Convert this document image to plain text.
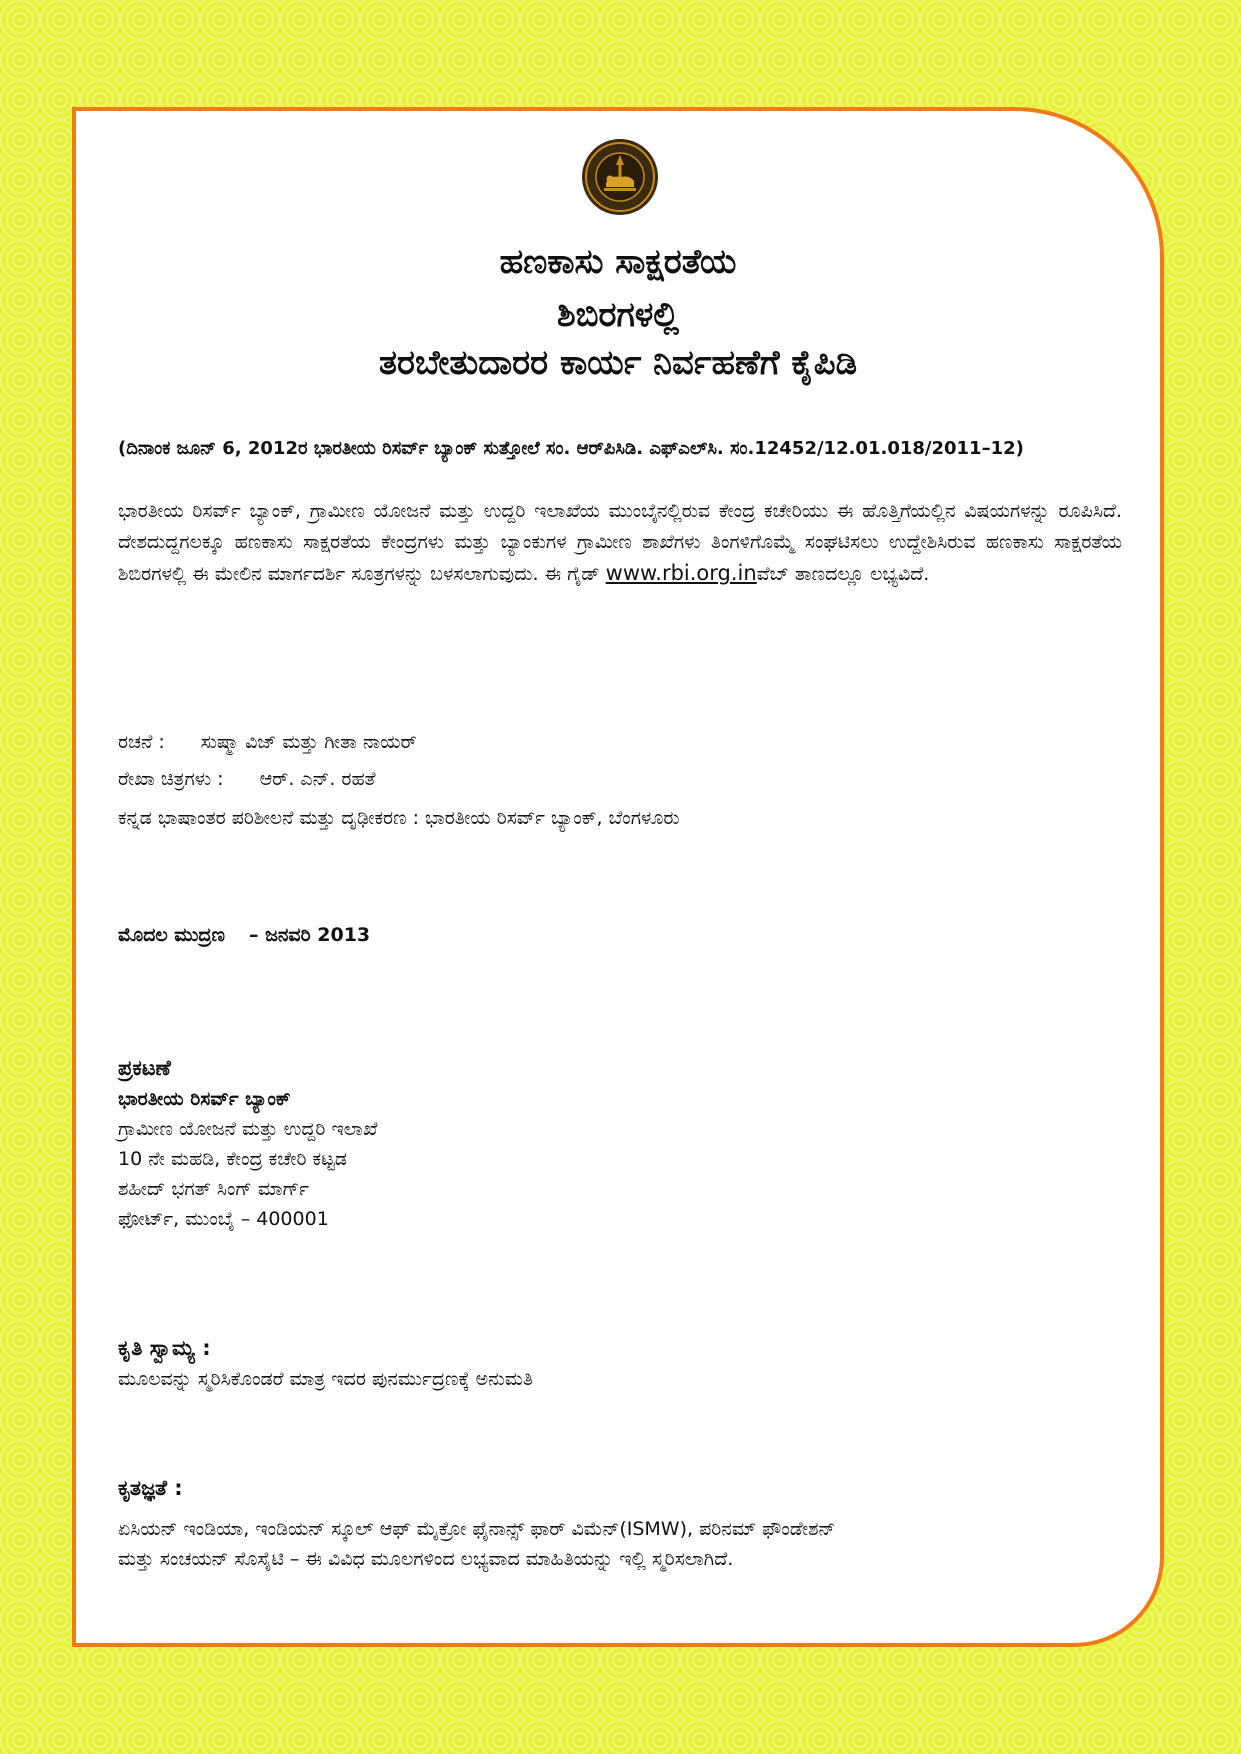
ಹಣಕಾಸು ಸಾಕ್ಷರತೆಯ
ಶಿಬಿರಗಳಲ್ಲಿ
ತರಬೇತುದಾರರ ಕಾರ್ಯ ನಿರ್ವಹಣೆಗೆ ಕೈಪಿಡಿ
(ದಿನಾಂಕ ಜೂನ್ 6, 2012ರ ಭಾರತೀಯ ರಿಸರ್ವ್ ಬ್ಯಾಂಕ್ ಸುತ್ತೋಲೆ ಸಂ. ಆರ್‌ಪಿಸಿಡಿ. ಎಫ್‌ಎಲ್‌ಸಿ. ಸಂ.12452/12.01.018/2011–12)

ಭಾರತೀಯ ರಿಸರ್ವ್ ಬ್ಯಾಂಕ್, ಗ್ರಾಮೀಣ ಯೋಜನೆ ಮತ್ತು ಉದ್ದರಿ ಇಲಾಖೆಯ ಮುಂಬೈನಲ್ಲಿರುವ ಕೇಂದ್ರ ಕಚೇರಿಯು ಈ ಹೊತ್ತಿಗೆಯಲ್ಲಿನ ವಿಷಯಗಳನ್ನು ರೂಪಿಸಿದೆ. ದೇಶದುದ್ದಗಲಕ್ಕೂ ಹಣಕಾಸು ಸಾಕ್ಷರತೆಯ ಕೇಂದ್ರಗಳು ಮತ್ತು ಬ್ಯಾಂಕುಗಳ ಗ್ರಾಮೀಣ ಶಾಖೆಗಳು ತಿಂಗಳಿಗೊಮ್ಮೆ ಸಂಘಟಿಸಲು ಉದ್ದೇಶಿಸಿರುವ ಹಣಕಾಸು ಸಾಕ್ಷರತೆಯ ಶಿಬಿರಗಳಲ್ಲಿ ಈ ಮೇಲಿನ ಮಾರ್ಗದರ್ಶಿ ಸೂತ್ರಗಳನ್ನು ಬಳಸಲಾಗುವುದು. ಈ ಗೈಡ್ www.rbi.org.inವೆಬ್ ತಾಣದಲ್ಲೂ ಲಭ್ಯವಿದೆ.

ರಚನೆ : ಸುಷ್ಮಾ ವಿಜ್ ಮತ್ತು ಗೀತಾ ನಾಯರ್

ರೇಖಾ ಚಿತ್ರಗಳು : ಆರ್. ಎನ್. ರಹತೆ

ಕನ್ನಡ ಭಾಷಾಂತರ ಪರಿಶೀಲನೆ ಮತ್ತು ದೃಢೀಕರಣ : ಭಾರತೀಯ ರಿಸರ್ವ್ ಬ್ಯಾಂಕ್, ಬೆಂಗಳೂರು

ಮೊದಲ ಮುದ್ರಣ – ಜನವರಿ 2013

ಪ್ರಕಟಣೆ

ಭಾರತೀಯ ರಿಸರ್ವ್ ಬ್ಯಾಂಕ್

ಗ್ರಾಮೀಣ ಯೋಜನೆ ಮತ್ತು ಉದ್ದರಿ ಇಲಾಖೆ

10 ನೇ ಮಹಡಿ, ಕೇಂದ್ರ ಕಚೇರಿ ಕಟ್ಟಡ

ಶಹೀದ್ ಭಗತ್ ಸಿಂಗ್ ಮಾರ್ಗ್

ಫೋರ್ಟ್, ಮುಂಬೈ – 400001

ಕೃತಿ ಸ್ವಾಮ್ಯ :

ಮೂಲವನ್ನು ಸ್ಮರಿಸಿಕೊಂಡರೆ ಮಾತ್ರ ಇದರ ಪುನರ್ಮುದ್ರಣಕ್ಕೆ ಅನುಮತಿ

ಕೃತಜ್ಞತೆ :

ಏಸಿಯನ್ ಇಂಡಿಯಾ, ಇಂಡಿಯನ್ ಸ್ಕೂಲ್ ಆಫ್ ಮೈಕ್ರೋ ಫೈನಾನ್ಸ್ ಫಾರ್ ವಿಮೆನ್(ISMW), ಪರಿನಮ್ ಫೌಂಡೇಶನ್

ಮತ್ತು ಸಂಚಯನ್ ಸೊಸೈಟಿ – ಈ ವಿವಿಧ ಮೂಲಗಳಿಂದ ಲಭ್ಯವಾದ ಮಾಹಿತಿಯನ್ನು ಇಲ್ಲಿ ಸ್ಮರಿಸಲಾಗಿದೆ.
